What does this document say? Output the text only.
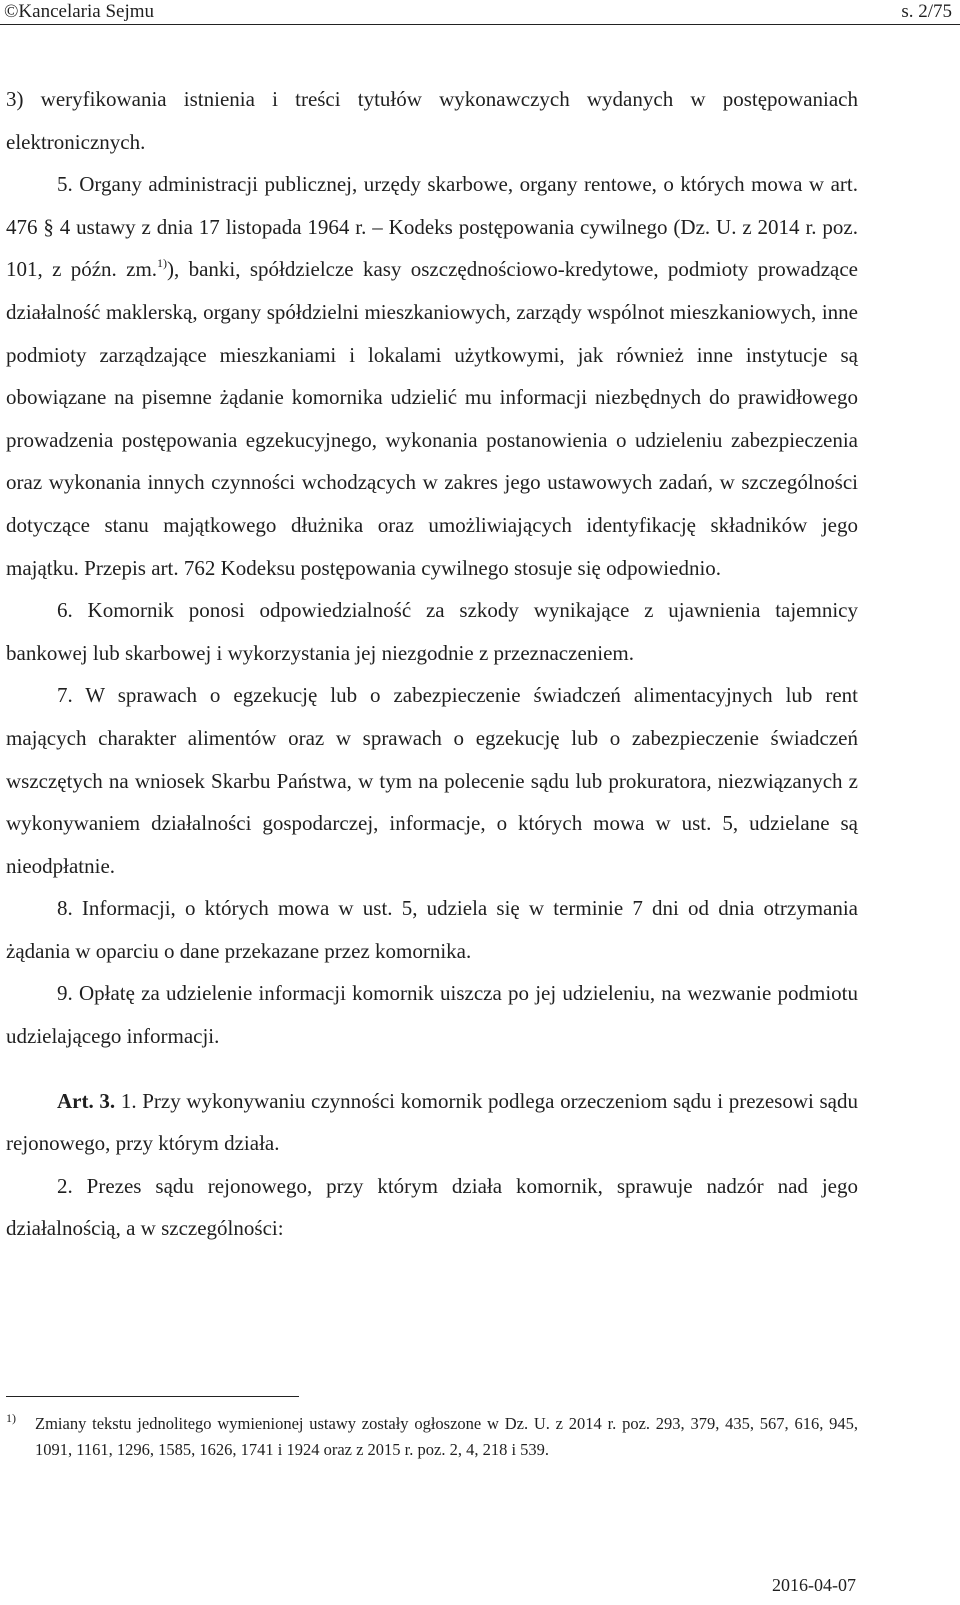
©Kancelaria Sejmu	s. 2/75

3) weryfikowania istnienia i treści tytułów wykonawczych wydanych w postępowaniach elektronicznych.

5. Organy administracji publicznej, urzędy skarbowe, organy rentowe, o których mowa w art. 476 § 4 ustawy z dnia 17 listopada 1964 r. – Kodeks postępowania cywilnego (Dz. U. z 2014 r. poz. 101, z późn. zm.$^{1)}$), banki, spółdzielcze kasy oszczędnościowo-kredytowe, podmioty prowadzące działalność maklerską, organy spółdzielni mieszkaniowych, zarządy wspólnot mieszkaniowych, inne podmioty zarządzające mieszkaniami i lokalami użytkowymi, jak również inne instytucje są obowiązane na pisemne żądanie komornika udzielić mu informacji niezbędnych do prawidłowego prowadzenia postępowania egzekucyjnego, wykonania postanowienia o udzieleniu zabezpieczenia oraz wykonania innych czynności wchodzących w zakres jego ustawowych zadań, w szczególności dotyczące stanu majątkowego dłużnika oraz umożliwiających identyfikację składników jego majątku. Przepis art. 762 Kodeksu postępowania cywilnego stosuje się odpowiednio.

6. Komornik ponosi odpowiedzialność za szkody wynikające z ujawnienia tajemnicy bankowej lub skarbowej i wykorzystania jej niezgodnie z przeznaczeniem.

7. W sprawach o egzekucję lub o zabezpieczenie świadczeń alimentacyjnych lub rent mających charakter alimentów oraz w sprawach o egzekucję lub o zabezpieczenie świadczeń wszczętych na wniosek Skarbu Państwa, w tym na polecenie sądu lub prokuratora, niezwiązanych z wykonywaniem działalności gospodarczej, informacje, o których mowa w ust. 5, udzielane są nieodpłatnie.

8. Informacji, o których mowa w ust. 5, udziela się w terminie 7 dni od dnia otrzymania żądania w oparciu o dane przekazane przez komornika.

9. Opłatę za udzielenie informacji komornik uiszcza po jej udzieleniu, na wezwanie podmiotu udzielającego informacji.

Art. 3. 1. Przy wykonywaniu czynności komornik podlega orzeczeniom sądu i prezesowi sądu rejonowego, przy którym działa.

2. Prezes sądu rejonowego, przy którym działa komornik, sprawuje nadzór nad jego działalnością, a w szczególności:

1) Zmiany tekstu jednolitego wymienionej ustawy zostały ogłoszone w Dz. U. z 2014 r. poz. 293, 379, 435, 567, 616, 945, 1091, 1161, 1296, 1585, 1626, 1741 i 1924 oraz z 2015 r. poz. 2, 4, 218 i 539.
2016-04-07
